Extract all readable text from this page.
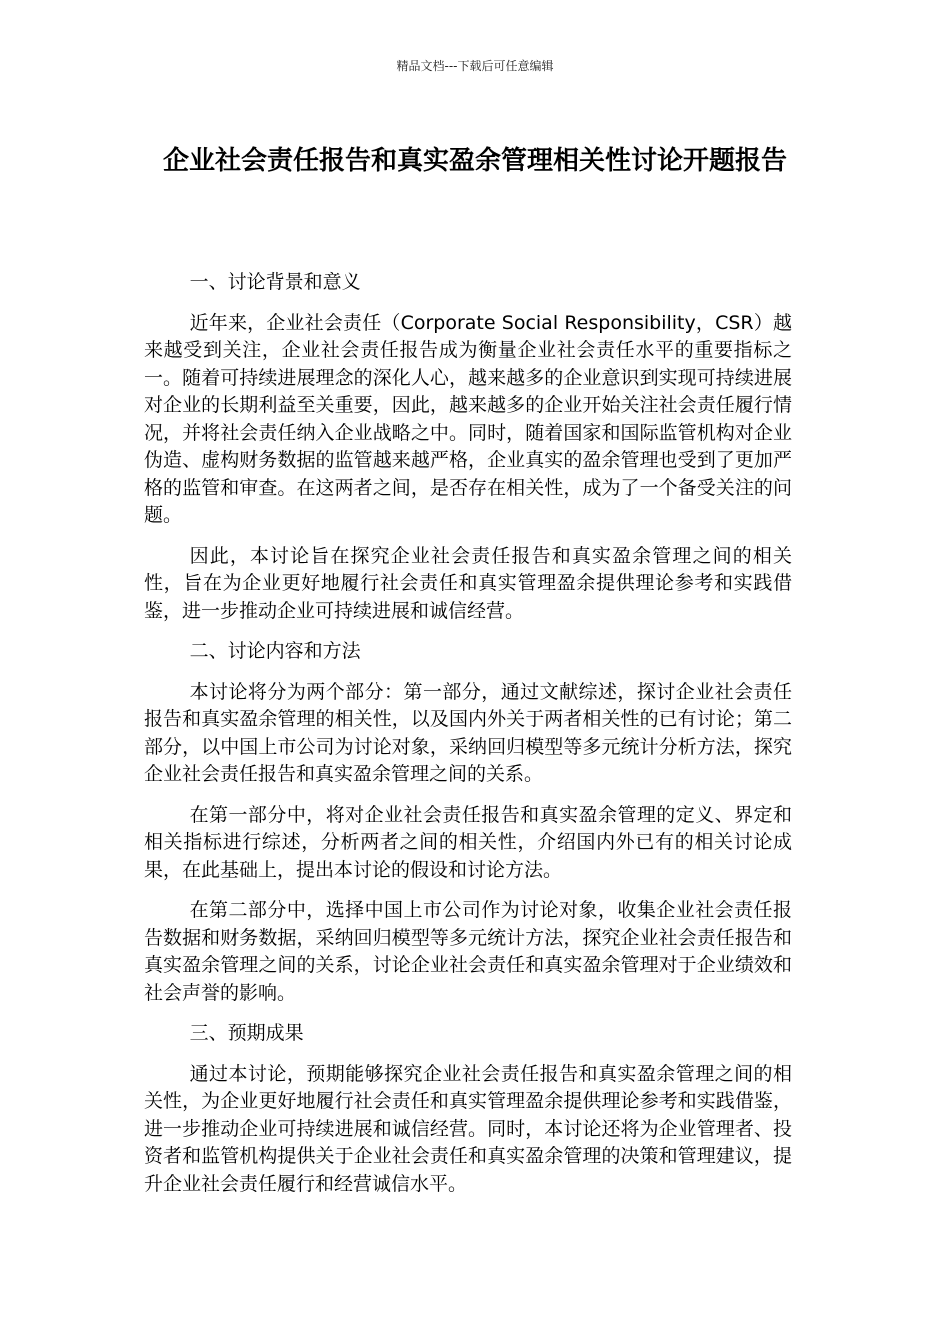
精品文档---下载后可任意编辑
企业社会责任报告和真实盈余管理相关性讨论开题报告
一、讨论背景和意义
近年来，企业社会责任（Corporate Social Responsibility，CSR）越来越受到关注，企业社会责任报告成为衡量企业社会责任水平的重要指标之一。随着可持续进展理念的深化人心，越来越多的企业意识到实现可持续进展对企业的长期利益至关重要，因此，越来越多的企业开始关注社会责任履行情况，并将社会责任纳入企业战略之中。同时，随着国家和国际监管机构对企业伪造、虚构财务数据的监管越来越严格，企业真实的盈余管理也受到了更加严格的监管和审查。在这两者之间，是否存在相关性，成为了一个备受关注的问题。
因此，本讨论旨在探究企业社会责任报告和真实盈余管理之间的相关性，旨在为企业更好地履行社会责任和真实管理盈余提供理论参考和实践借鉴，进一步推动企业可持续进展和诚信经营。
二、讨论内容和方法
本讨论将分为两个部分：第一部分，通过文献综述，探讨企业社会责任报告和真实盈余管理的相关性，以及国内外关于两者相关性的已有讨论；第二部分，以中国上市公司为讨论对象，采纳回归模型等多元统计分析方法，探究企业社会责任报告和真实盈余管理之间的关系。
在第一部分中，将对企业社会责任报告和真实盈余管理的定义、界定和相关指标进行综述，分析两者之间的相关性，介绍国内外已有的相关讨论成果，在此基础上，提出本讨论的假设和讨论方法。
在第二部分中，选择中国上市公司作为讨论对象，收集企业社会责任报告数据和财务数据，采纳回归模型等多元统计方法，探究企业社会责任报告和真实盈余管理之间的关系，讨论企业社会责任和真实盈余管理对于企业绩效和社会声誉的影响。
三、预期成果
通过本讨论，预期能够探究企业社会责任报告和真实盈余管理之间的相关性，为企业更好地履行社会责任和真实管理盈余提供理论参考和实践借鉴，进一步推动企业可持续进展和诚信经营。同时，本讨论还将为企业管理者、投资者和监管机构提供关于企业社会责任和真实盈余管理的决策和管理建议，提升企业社会责任履行和经营诚信水平。
